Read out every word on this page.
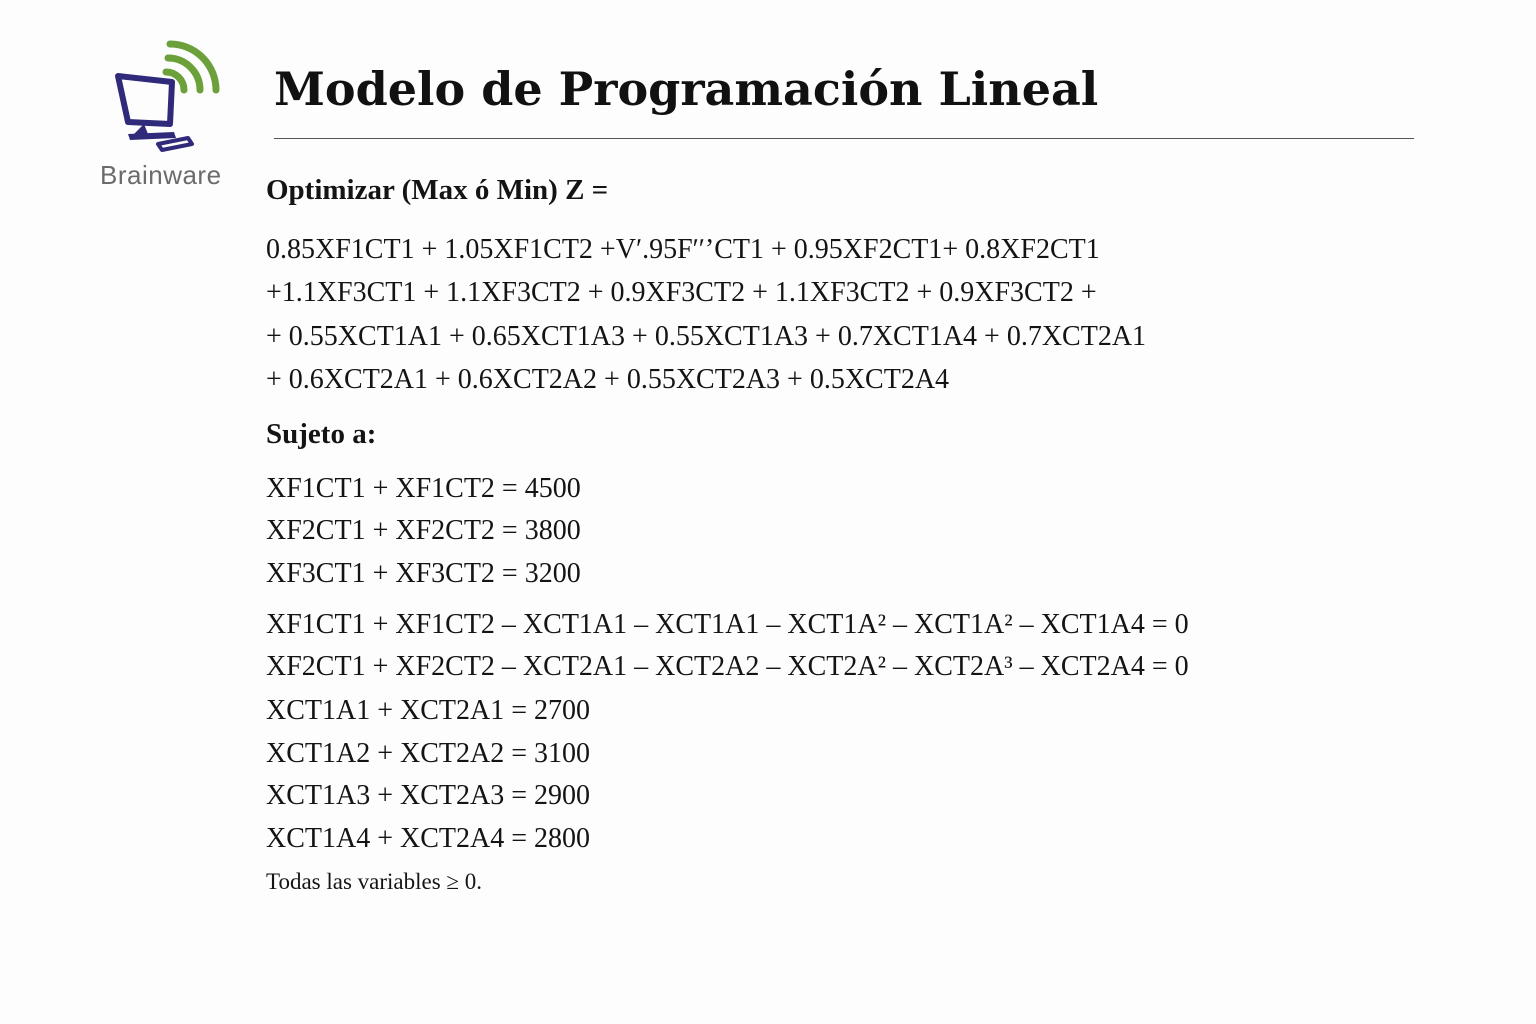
Brainware
Modelo de Programación Lineal

Optimizar (Max ó Min) Z =

0.85XF1CT1 + 1.05XF1CT2 +Vʹ.95Fʹʹ’CT1 + 0.95XF2CT1+ 0.8XF2CT1

+1.1XF3CT1 + 1.1XF3CT2 + 0.9XF3CT2 + 1.1XF3CT2 + 0.9XF3CT2 +

+ 0.55XCT1A1 + 0.65XCT1A3 + 0.55XCT1A3 + 0.7XCT1A4 + 0.7XCT2A1

+ 0.6XCT2A1 + 0.6XCT2A2 + 0.55XCT2A3 + 0.5XCT2A4

Sujeto a:

XF1CT1 + XF1CT2 = 4500

XF2CT1 + XF2CT2 = 3800

XF3CT1 + XF3CT2 = 3200

XF1CT1 + XF1CT2 – XCT1A1 – XCT1A1 – XCT1A² – XCT1A² – XCT1A4 = 0

XF2CT1 + XF2CT2 – XCT2A1 – XCT2A2 – XCT2A² – XCT2A³ – XCT2A4 = 0

XCT1A1 + XCT2A1 = 2700

XCT1A2 + XCT2A2 = 3100

XCT1A3 + XCT2A3 = 2900

XCT1A4 + XCT2A4 = 2800

Todas las variables ≥ 0.
